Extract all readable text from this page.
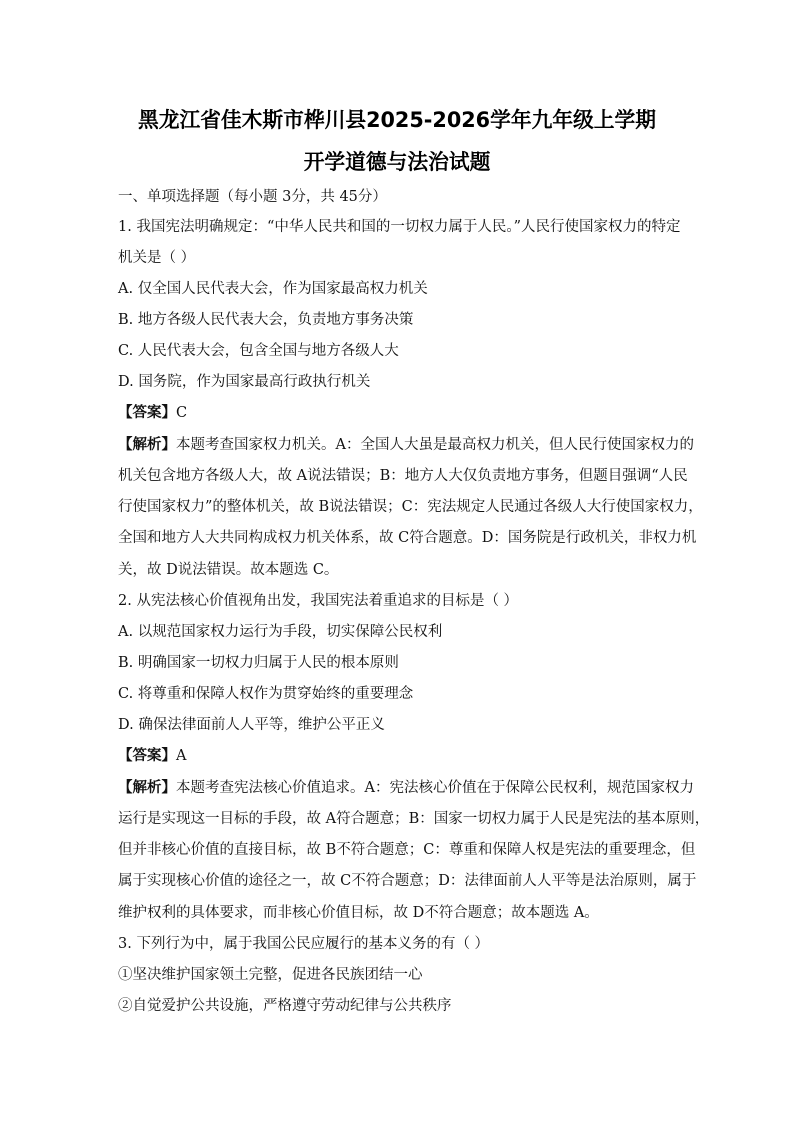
黑龙江省佳木斯市桦川县2025-2026学年九年级上学期
开学道德与法治试题
一、单项选择题（每小题 3分，共 45分）
1. 我国宪法明确规定：“中华人民共和国的一切权力属于人民。”人民行使国家权力的特定
机关是（ ）
A. 仅全国人民代表大会，作为国家最高权力机关
B. 地方各级人民代表大会，负责地方事务决策
C. 人民代表大会，包含全国与地方各级人大
D. 国务院，作为国家最高行政执行机关
【答案】C
【解析】本题考查国家权力机关。A：全国人大虽是最高权力机关，但人民行使国家权力的
机关包含地方各级人大，故 A说法错误；B：地方人大仅负责地方事务，但题目强调“人民
行使国家权力”的整体机关，故 B说法错误；C：宪法规定人民通过各级人大行使国家权力，
全国和地方人大共同构成权力机关体系，故 C符合题意。D：国务院是行政机关，非权力机
关，故 D说法错误。故本题选 C。
2. 从宪法核心价值视角出发，我国宪法着重追求的目标是（ ）
A. 以规范国家权力运行为手段，切实保障公民权利
B. 明确国家一切权力归属于人民的根本原则
C. 将尊重和保障人权作为贯穿始终的重要理念
D. 确保法律面前人人平等，维护公平正义
【答案】A
【解析】本题考查宪法核心价值追求。A：宪法核心价值在于保障公民权利，规范国家权力
运行是实现这一目标的手段，故 A符合题意；B：国家一切权力属于人民是宪法的基本原则，
但并非核心价值的直接目标，故 B不符合题意；C：尊重和保障人权是宪法的重要理念，但
属于实现核心价值的途径之一，故 C不符合题意；D：法律面前人人平等是法治原则，属于
维护权利的具体要求，而非核心价值目标，故 D不符合题意；故本题选 A。
3. 下列行为中，属于我国公民应履行的基本义务的有（ ）
①坚决维护国家领土完整，促进各民族团结一心
②自觉爱护公共设施，严格遵守劳动纪律与公共秩序
